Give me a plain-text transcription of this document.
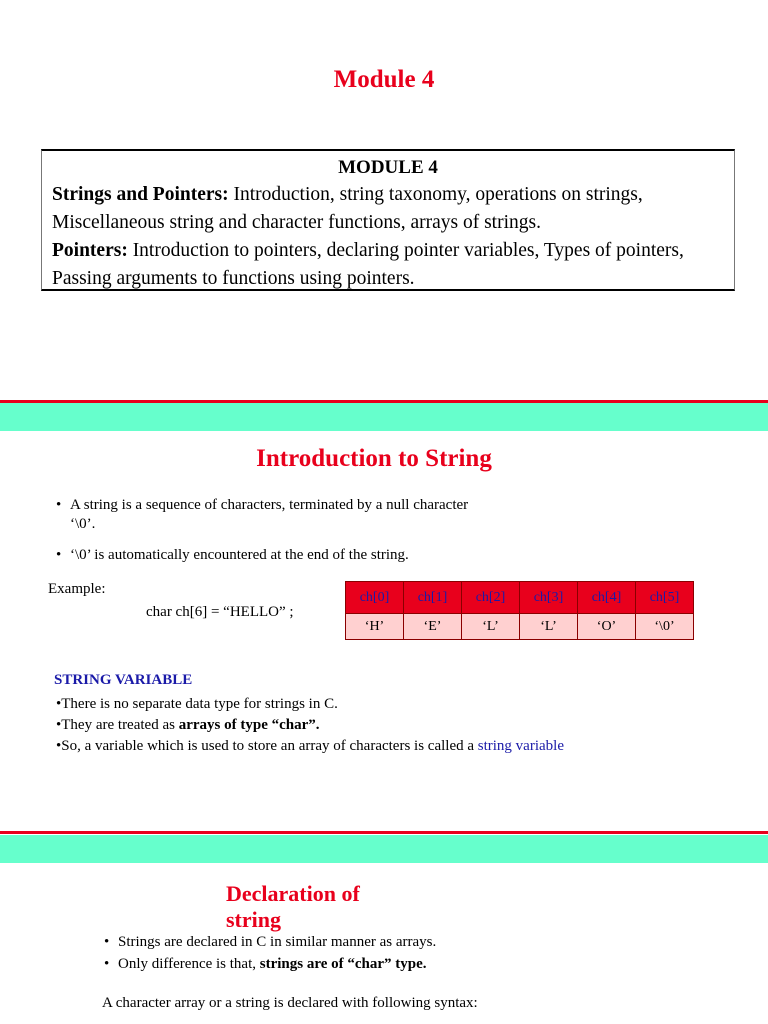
Module 4
MODULE 4

Strings and Pointers: Introduction, string taxonomy, operations on strings, Miscellaneous string and character functions, arrays of strings.

Pointers: Introduction to pointers, declaring pointer variables, Types of pointers, Passing arguments to functions using pointers.

Introduction to String
• A string is a sequence of characters, terminated by a null character
‘\0’.
• ‘\0’ is automatically encountered at the end of the string.
Example:
char ch[6] = “HELLO” ;
ch[0]	ch[1]	ch[2]	ch[3]	ch[4]	ch[5]
‘H’	‘E’	‘L’	‘L’	‘O’	‘\0’
STRING VARIABLE
•There is no separate data type for strings in C.
•They are treated as arrays of type “char”.
•So, a variable which is used to store an array of characters is called a string variable
Declaration of
string
• Strings are declared in C in similar manner as arrays.
• Only difference is that, strings are of “char” type.
A character array or a string is declared with following syntax:
